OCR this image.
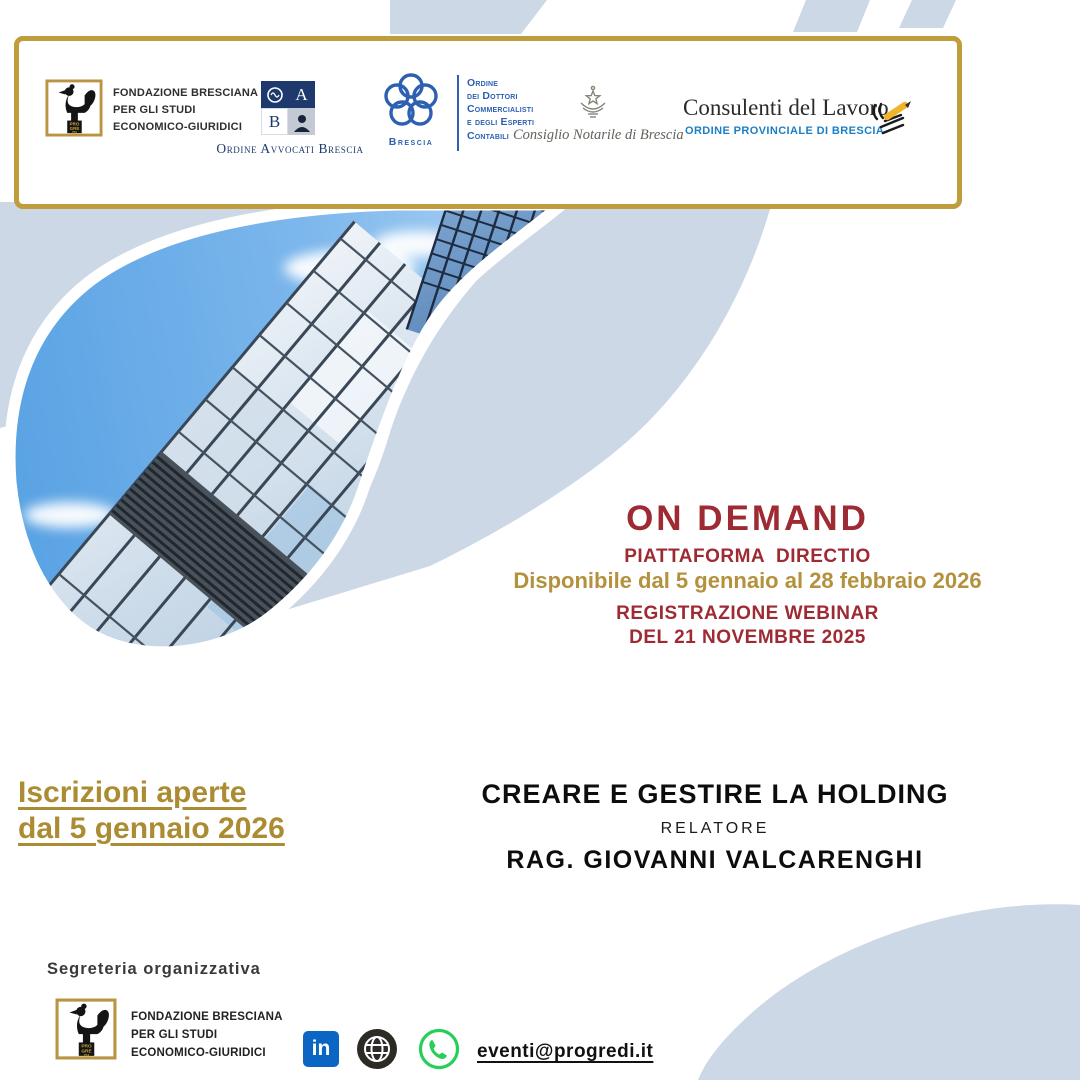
PRO
GRE
DI
FONDAZIONE BRESCIANA
PER GLI STUDI
ECONOMICO-GIURIDICI
A
B
Ordine Avvocati Brescia	Brescia
Ordine
dei Dottori
Commercialisti
e degli Esperti
Contabili Consiglio Notarile di Brescia
Consulenti del Lavoro
ORDINE PROVINCIALE DI BRESCIA
ON DEMAND
PIATTAFORMA  DIRECTIO
Disponibile dal 5 gennaio al 28 febbraio 2026
REGISTRAZIONE WEBINAR
DEL 21 NOVEMBRE 2025
Iscrizioni aperte
dal 5 gennaio 2026
CREARE E GESTIRE LA HOLDING
RELATORE
RAG. GIOVANNI VALCARENGHI
Segreteria organizzativa
PRO
GRE
DI
FONDAZIONE BRESCIANA
PER GLI STUDI
ECONOMICO-GIURIDICI	in	eventi@progredi.it
